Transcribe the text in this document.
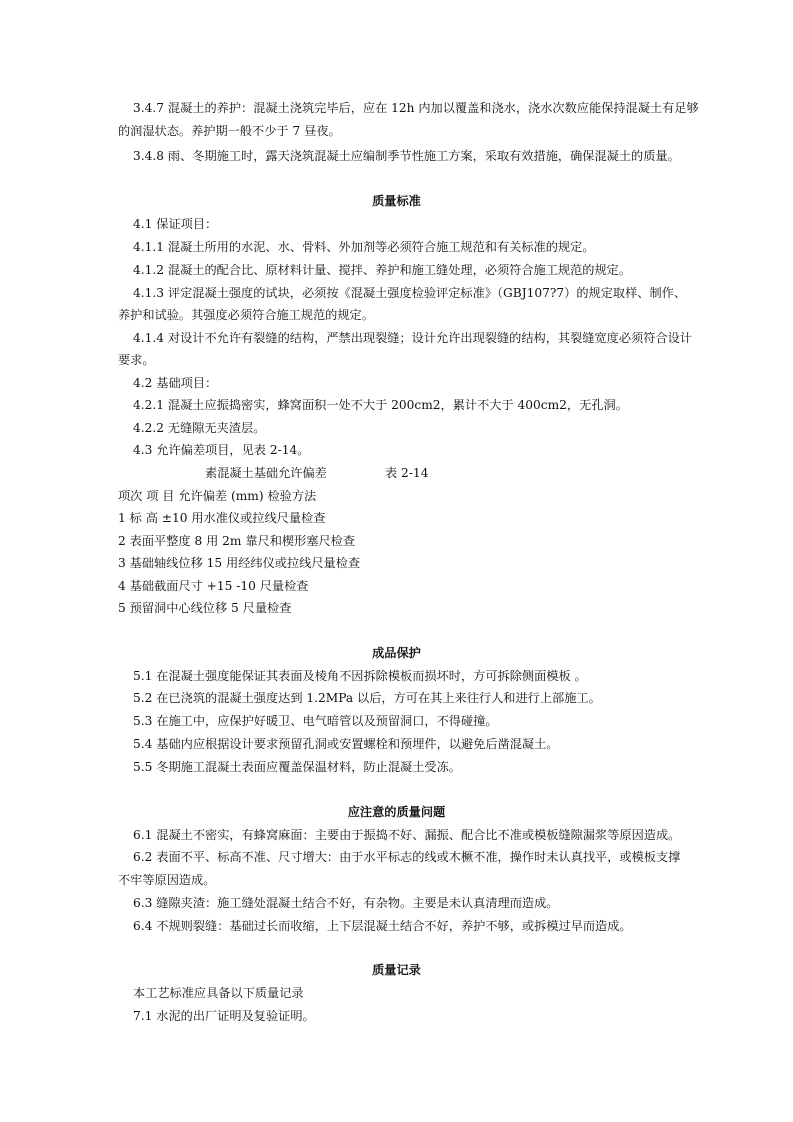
3.4.7 混凝土的养护：混凝土浇筑完毕后，应在 12h 内加以覆盖和浇水，浇水次数应能保持混凝土有足够
的润湿状态。养护期一般不少于 7 昼夜。
3.4.8 雨、冬期施工时，露天浇筑混凝土应编制季节性施工方案，采取有效措施，确保混凝土的质量。
质量标准
4.1 保证项目：
4.1.1 混凝土所用的水泥、水、骨料、外加剂等必须符合施工规范和有关标准的规定。
4.1.2 混凝土的配合比、原材料计量、搅拌、养护和施工缝处理，必须符合施工规范的规定。
4.1.3 评定混凝土强度的试块，必须按《混凝土强度检验评定标准》（GBJ107?7）的规定取样、制作、
养护和试验。其强度必须符合施工规范的规定。
4.1.4 对设计不允许有裂缝的结构，严禁出现裂缝；设计允许出现裂缝的结构，其裂缝宽度必须符合设计
要求。
4.2 基础项目：
4.2.1 混凝土应振捣密实，蜂窝面积一处不大于 200cm2，累计不大于 400cm2，无孔洞。
4.2.2 无缝隙无夹渣层。
4.3 允许偏差项目，见表 2-14。
素混凝土基础允许偏差	表 2-14
项次 项 目 允许偏差 (mm) 检验方法
1 标 高 ±10 用水准仪或拉线尺量检查
2 表面平整度 8 用 2m 靠尺和楔形塞尺检查
3 基础轴线位移 15 用经纬仪或拉线尺量检查
4 基础截面尺寸 +15 -10 尺量检查
5 预留洞中心线位移 5 尺量检查
成品保护
5.1 在混凝土强度能保证其表面及棱角不因拆除模板而损坏时，方可拆除侧面模板 。
5.2 在已浇筑的混凝土强度达到 1.2MPa 以后，方可在其上来往行人和进行上部施工。
5.3 在施工中，应保护好暖卫、电气暗管以及预留洞口，不得碰撞。
5.4 基础内应根据设计要求预留孔洞或安置螺栓和预埋件，以避免后凿混凝土。
5.5 冬期施工混凝土表面应覆盖保温材料，防止混凝土受冻。
应注意的质量问题
6.1 混凝土不密实，有蜂窝麻面：主要由于振捣不好、漏振、配合比不准或模板缝隙漏浆等原因造成。
6.2 表面不平、标高不准、尺寸增大：由于水平标志的线或木橛不准，操作时未认真找平，或模板支撑
不牢等原因造成。
6.3 缝隙夹渣：施工缝处混凝土结合不好，有杂物。主要是未认真清理而造成。
6.4 不规则裂缝：基础过长而收缩，上下层混凝土结合不好，养护不够，或拆模过早而造成。
质量记录
本工艺标准应具备以下质量记录
7.1 水泥的出厂证明及复验证明。
